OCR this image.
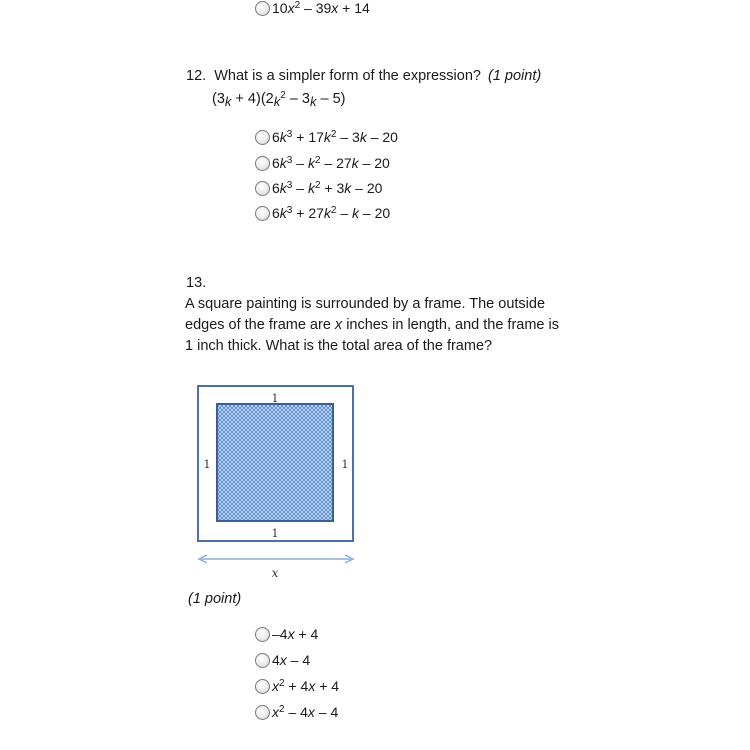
$10x^2 - 39x + 14$
12. What is a simpler form of the expression? (1 point)
$(3k + 4)(2k^2 - 3k - 5)$
$6k^3 + 17k^2 - 3k - 20$
$6k^3 - k^2 - 27k - 20$
$6k^3 - k^2 + 3k - 20$
$6k^3 + 27k^2 - k - 20$
13.
A square painting is surrounded by a frame. The outside
edges of the frame are x inches in length, and the frame is
1 inch thick. What is the total area of the frame?
1
1	1
1
x
(1 point)
–4x + 4
4x – 4
$x^2 + 4x + 4$
$x^2 - 4x - 4$
